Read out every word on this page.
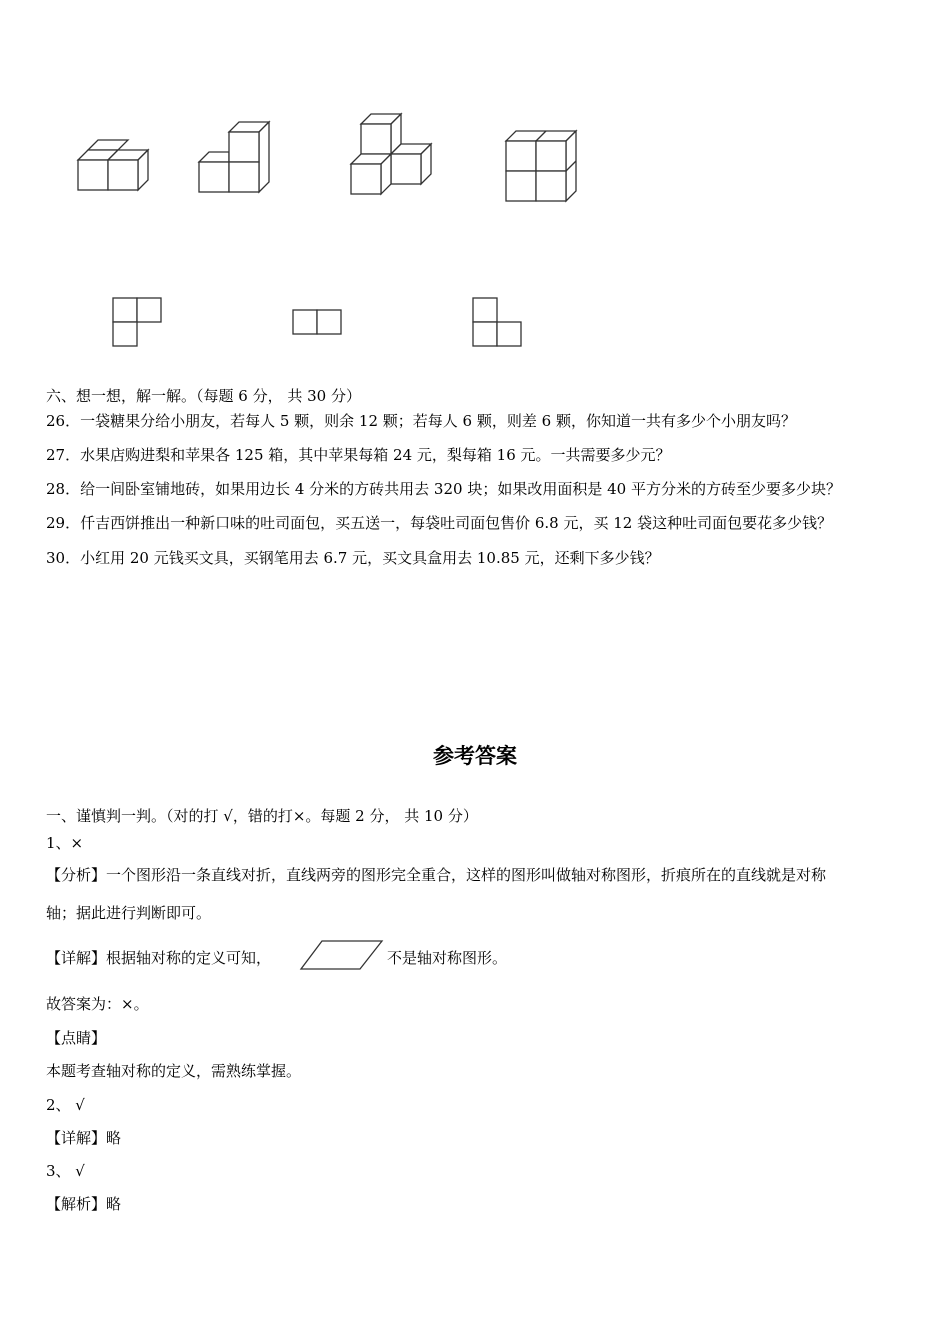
六、想一想，解一解。（每题 6 分， 共 30 分）
26．一袋糖果分给小朋友，若每人 5 颗，则余 12 颗；若每人 6 颗，则差 6 颗，你知道一共有多少个小朋友吗？
27．水果店购进梨和苹果各 125 箱，其中苹果每箱 24 元，梨每箱 16 元。一共需要多少元？
28．给一间卧室铺地砖，如果用边长 4 分米的方砖共用去 320 块；如果改用面积是 40 平方分米的方砖至少要多少块？
29．仟吉西饼推出一种新口味的吐司面包，买五送一，每袋吐司面包售价 6.8 元，买 12 袋这种吐司面包要花多少钱？
30．小红用 20 元钱买文具，买钢笔用去 6.7 元，买文具盒用去 10.85 元，还剩下多少钱？
参考答案
一、谨慎判一判。（对的打 √，错的打×。每题 2 分， 共 10 分）
1、×
【分析】一个图形沿一条直线对折，直线两旁的图形完全重合，这样的图形叫做轴对称图形，折痕所在的直线就是对称
轴；据此进行判断即可。
【详解】根据轴对称的定义可知，	不是轴对称图形。
故答案为：×。
【点睛】
本题考查轴对称的定义，需熟练掌握。
2、 √
【详解】略
3、 √
【解析】略
